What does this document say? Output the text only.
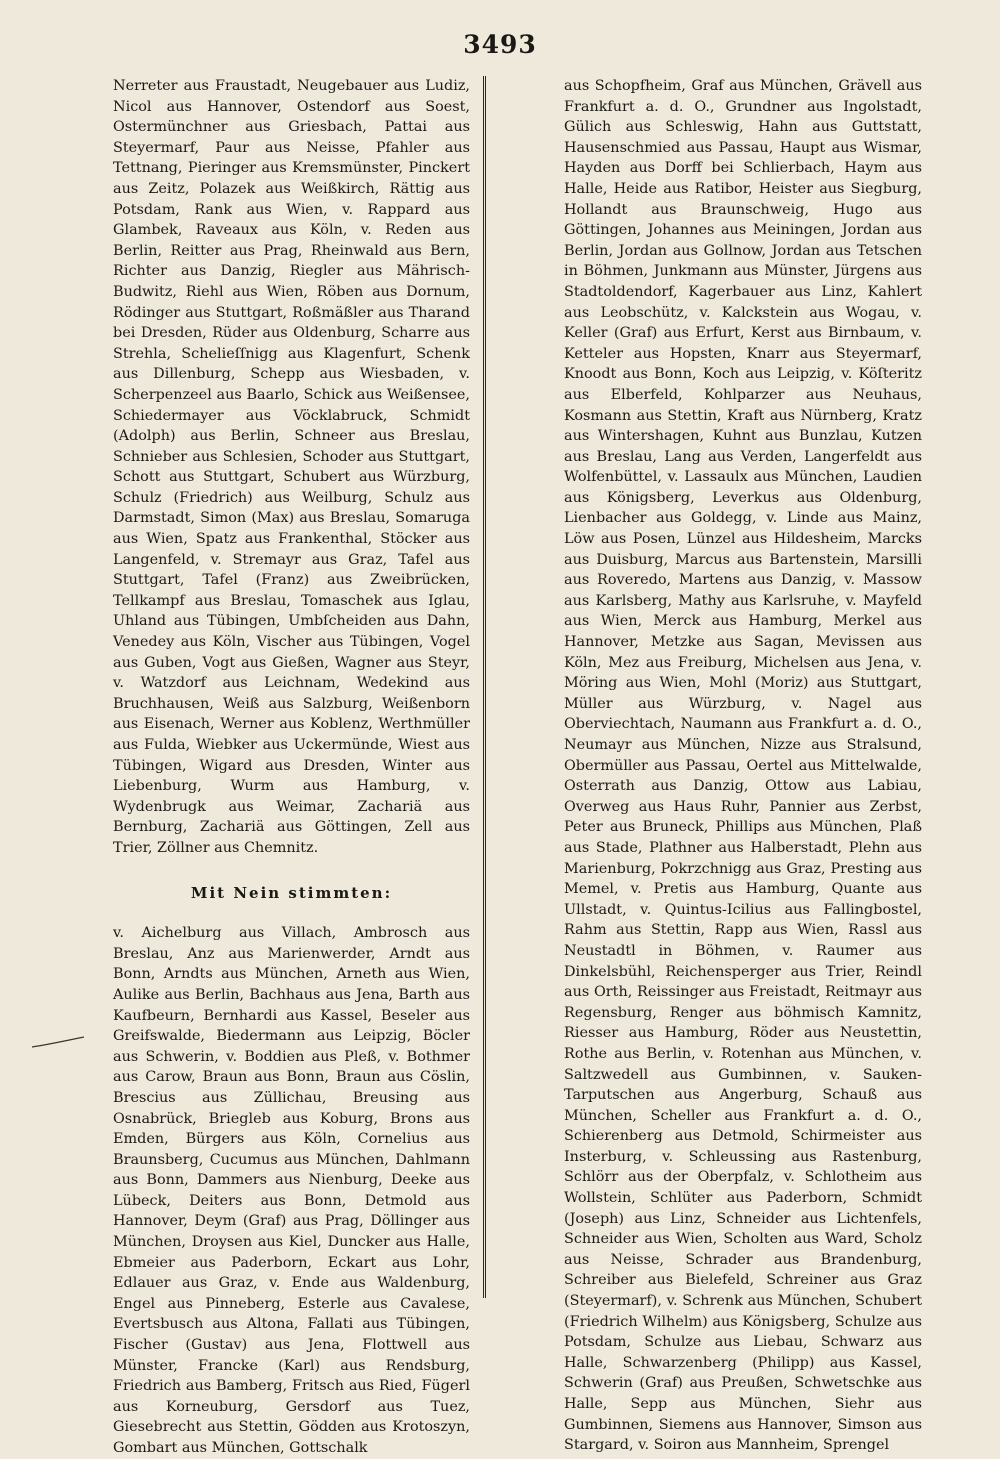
3493

Nerreter aus Fraustadt, Neugebauer aus Ludiz, Nicol aus Hannover, Ostendorf aus Soest, Ostermünchner aus Griesbach, Pattai aus Steyermarf, Paur aus Neisse, Pfahler aus Tettnang, Pieringer aus Kremsmünster, Pinckert aus Zeitz, Polazek aus Weißkirch, Rättig aus Potsdam, Rank aus Wien, v. Rappard aus Glambek, Raveaux aus Köln, v. Reden aus Berlin, Reitter aus Prag, Rheinwald aus Bern, Richter aus Danzig, Riegler aus Mährisch-Budwitz, Riehl aus Wien, Röben aus Dornum, Rödinger aus Stuttgart, Roßmäßler aus Tharand bei Dresden, Rüder aus Oldenburg, Scharre aus Strehla, Schelieſſnigg aus Klagenfurt, Schenk aus Dillenburg, Schepp aus Wiesbaden, v. Scherpenzeel aus Baarlo, Schick aus Weißensee, Schiedermayer aus Vöcklabruck, Schmidt (Adolph) aus Berlin, Schneer aus Breslau, Schnieber aus Schlesien, Schoder aus Stuttgart, Schott aus Stuttgart, Schubert aus Würzburg, Schulz (Friedrich) aus Weilburg, Schulz aus Darmstadt, Simon (Max) aus Breslau, Somaruga aus Wien, Spatz aus Frankenthal, Stöcker aus Langenfeld, v. Stremayr aus Graz, Tafel aus Stuttgart, Tafel (Franz) aus Zweibrücken, Tellkampf aus Breslau, Tomaschek aus Iglau, Uhland aus Tübingen, Umbſcheiden aus Dahn, Venedey aus Köln, Vischer aus Tübingen, Vogel aus Guben, Vogt aus Gießen, Wagner aus Steyr, v. Watzdorf aus Leichnam, Wedekind aus Bruchhausen, Weiß aus Salzburg, Weißenborn aus Eisenach, Werner aus Koblenz, Werthmüller aus Fulda, Wiebker aus Uckermünde, Wiest aus Tübingen, Wigard aus Dresden, Winter aus Liebenburg, Wurm aus Hamburg, v. Wydenbrugk aus Weimar, Zachariä aus Bernburg, Zachariä aus Göttingen, Zell aus Trier, Zöllner aus Chemnitz.

Mit Nein stimmten:

v. Aichelburg aus Villach, Ambrosch aus Breslau, Anz aus Marienwerder, Arndt aus Bonn, Arndts aus München, Arneth aus Wien, Aulike aus Berlin, Bachhaus aus Jena, Barth aus Kaufbeurn, Bernhardi aus Kassel, Beseler aus Greifswalde, Biedermann aus Leipzig, Böcler aus Schwerin, v. Boddien aus Pleß, v. Bothmer aus Carow, Braun aus Bonn, Braun aus Cöslin, Brescius aus Züllichau, Breusing aus Osnabrück, Briegleb aus Koburg, Brons aus Emden, Bürgers aus Köln, Cornelius aus Braunsberg, Cucumus aus München, Dahlmann aus Bonn, Dammers aus Nienburg, Deeke aus Lübeck, Deiters aus Bonn, Detmold aus Hannover, Deym (Graf) aus Prag, Döllinger aus München, Droysen aus Kiel, Duncker aus Halle, Ebmeier aus Paderborn, Eckart aus Lohr, Edlauer aus Graz, v. Ende aus Waldenburg, Engel aus Pinneberg, Esterle aus Cavalese, Evertsbusch aus Altona, Fallati aus Tübingen, Fischer (Gustav) aus Jena, Flottwell aus Münster, Francke (Karl) aus Rendsburg, Friedrich aus Bamberg, Fritsch aus Ried, Fügerl aus Korneuburg, Gersdorf aus Tuez, Giesebrecht aus Stettin, Gödden aus Krotoszyn, Gombart aus München, Gottschalk

aus Schopfheim, Graf aus München, Grävell aus Frankfurt a. d. O., Grundner aus Ingolstadt, Gülich aus Schleswig, Hahn aus Guttstatt, Hausenschmied aus Passau, Haupt aus Wismar, Hayden aus Dorff bei Schlierbach, Haym aus Halle, Heide aus Ratibor, Heister aus Siegburg, Hollandt aus Braunschweig, Hugo aus Göttingen, Johannes aus Meiningen, Jordan aus Berlin, Jordan aus Gollnow, Jordan aus Tetschen in Böhmen, Junkmann aus Münster, Jürgens aus Stadtoldendorf, Kagerbauer aus Linz, Kahlert aus Leobschütz, v. Kalckstein aus Wogau, v. Keller (Graf) aus Erfurt, Kerst aus Birnbaum, v. Ketteler aus Hopsten, Knarr aus Steyermarf, Knoodt aus Bonn, Koch aus Leipzig, v. Köſteritz aus Elberfeld, Kohlparzer aus Neuhaus, Kosmann aus Stettin, Kraft aus Nürnberg, Kratz aus Wintershagen, Kuhnt aus Bunzlau, Kutzen aus Breslau, Lang aus Verden, Langerfeldt aus Wolfenbüttel, v. Lassaulx aus München, Laudien aus Königsberg, Leverkus aus Oldenburg, Lienbacher aus Goldegg, v. Linde aus Mainz, Löw aus Posen, Lünzel aus Hildesheim, Marcks aus Duisburg, Marcus aus Bartenstein, Marsilli aus Roveredo, Martens aus Danzig, v. Massow aus Karlsberg, Mathy aus Karlsruhe, v. Mayfeld aus Wien, Merck aus Hamburg, Merkel aus Hannover, Metzke aus Sagan, Mevissen aus Köln, Mez aus Freiburg, Michelsen aus Jena, v. Möring aus Wien, Mohl (Moriz) aus Stuttgart, Müller aus Würzburg, v. Nagel aus Oberviechtach, Naumann aus Frankfurt a. d. O., Neumayr aus München, Nizze aus Stralsund, Obermüller aus Passau, Oertel aus Mittelwalde, Osterrath aus Danzig, Ottow aus Labiau, Overweg aus Haus Ruhr, Pannier aus Zerbst, Peter aus Bruneck, Phillips aus München, Plaß aus Stade, Plathner aus Halberstadt, Plehn aus Marienburg, Pokrzchnigg aus Graz, Presting aus Memel, v. Pretis aus Hamburg, Quante aus Ullstadt, v. Quintus-Icilius aus Fallingbostel, Rahm aus Stettin, Rapp aus Wien, Rassl aus Neustadtl in Böhmen, v. Raumer aus Dinkelsbühl, Reichensperger aus Trier, Reindl aus Orth, Reissinger aus Freistadt, Reitmayr aus Regensburg, Renger aus böhmisch Kamnitz, Riesser aus Hamburg, Röder aus Neustettin, Rothe aus Berlin, v. Rotenhan aus München, v. Saltzwedell aus Gumbinnen, v. Sauken-Tarputschen aus Angerburg, Schauß aus München, Scheller aus Frankfurt a. d. O., Schierenberg aus Detmold, Schirmeister aus Insterburg, v. Schleussing aus Rastenburg, Schlörr aus der Oberpfalz, v. Schlotheim aus Wollstein, Schlüter aus Paderborn, Schmidt (Joseph) aus Linz, Schneider aus Lichtenfels, Schneider aus Wien, Scholten aus Ward, Scholz aus Neisse, Schrader aus Brandenburg, Schreiber aus Bielefeld, Schreiner aus Graz (Steyermarf), v. Schrenk aus München, Schubert (Friedrich Wilhelm) aus Königsberg, Schulze aus Potsdam, Schulze aus Liebau, Schwarz aus Halle, Schwarzenberg (Philipp) aus Kassel, Schwerin (Graf) aus Preußen, Schwetschke aus Halle, Sepp aus München, Siehr aus Gumbinnen, Siemens aus Hannover, Simson aus Stargard, v. Soiron aus Mannheim, Sprengel
